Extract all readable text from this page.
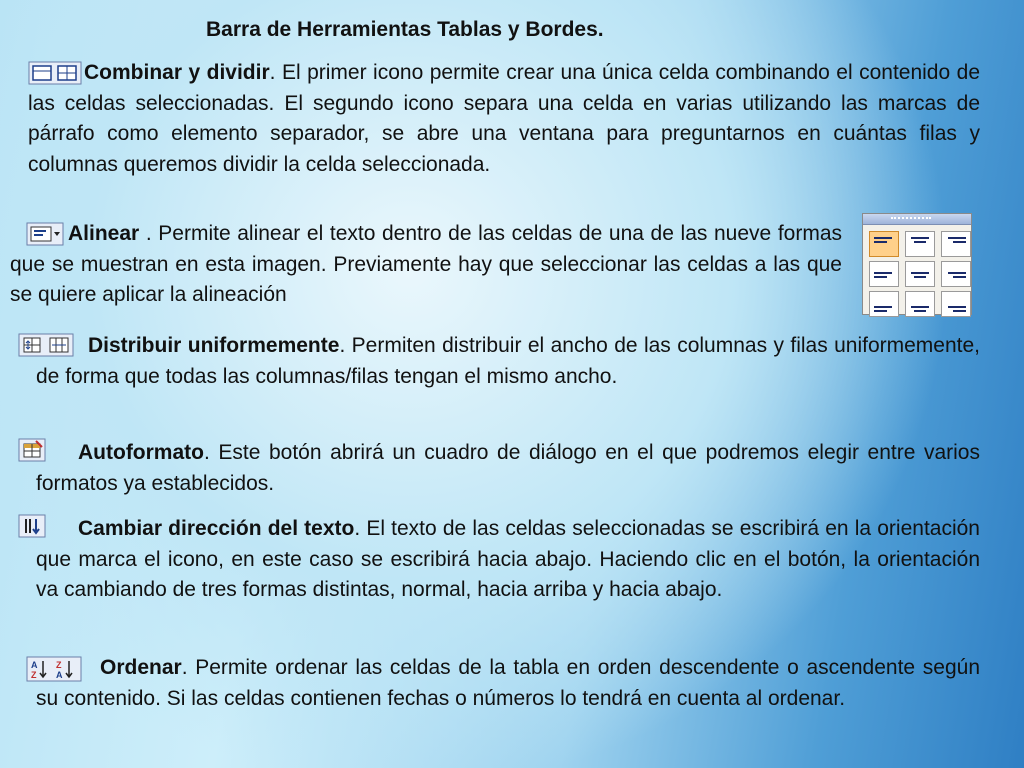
Barra de Herramientas Tablas y Bordes.

Combinar y dividir. El primer icono permite crear una única celda combinando el contenido de las celdas seleccionadas. El segundo icono separa una celda en varias utilizando las marcas de párrafo como elemento separador, se abre una ventana para preguntarnos en cuántas filas y columnas queremos dividir la celda seleccionada.

Alinear . Permite alinear el texto dentro de las celdas de una de las nueve formas que se muestran en esta imagen. Previamente hay que seleccionar las celdas a las que se quiere aplicar la alineación

Distribuir uniformemente. Permiten distribuir el ancho de las columnas y filas uniformemente, de forma que todas las columnas/filas tengan el mismo ancho.

Autoformato. Este botón abrirá un cuadro de diálogo en el que podremos elegir entre varios formatos ya establecidos.

Cambiar dirección del texto. El texto de las celdas seleccionadas se escribirá en la orientación que marca el icono, en este caso se escribirá hacia abajo. Haciendo clic en el botón, la orientación va cambiando de tres formas distintas, normal, hacia arriba y hacia abajo.

A
Z
Z
A	Ordenar. Permite ordenar las celdas de la tabla en orden descendente o ascendente según su contenido. Si las celdas contienen fechas o números lo tendrá en cuenta al ordenar.
